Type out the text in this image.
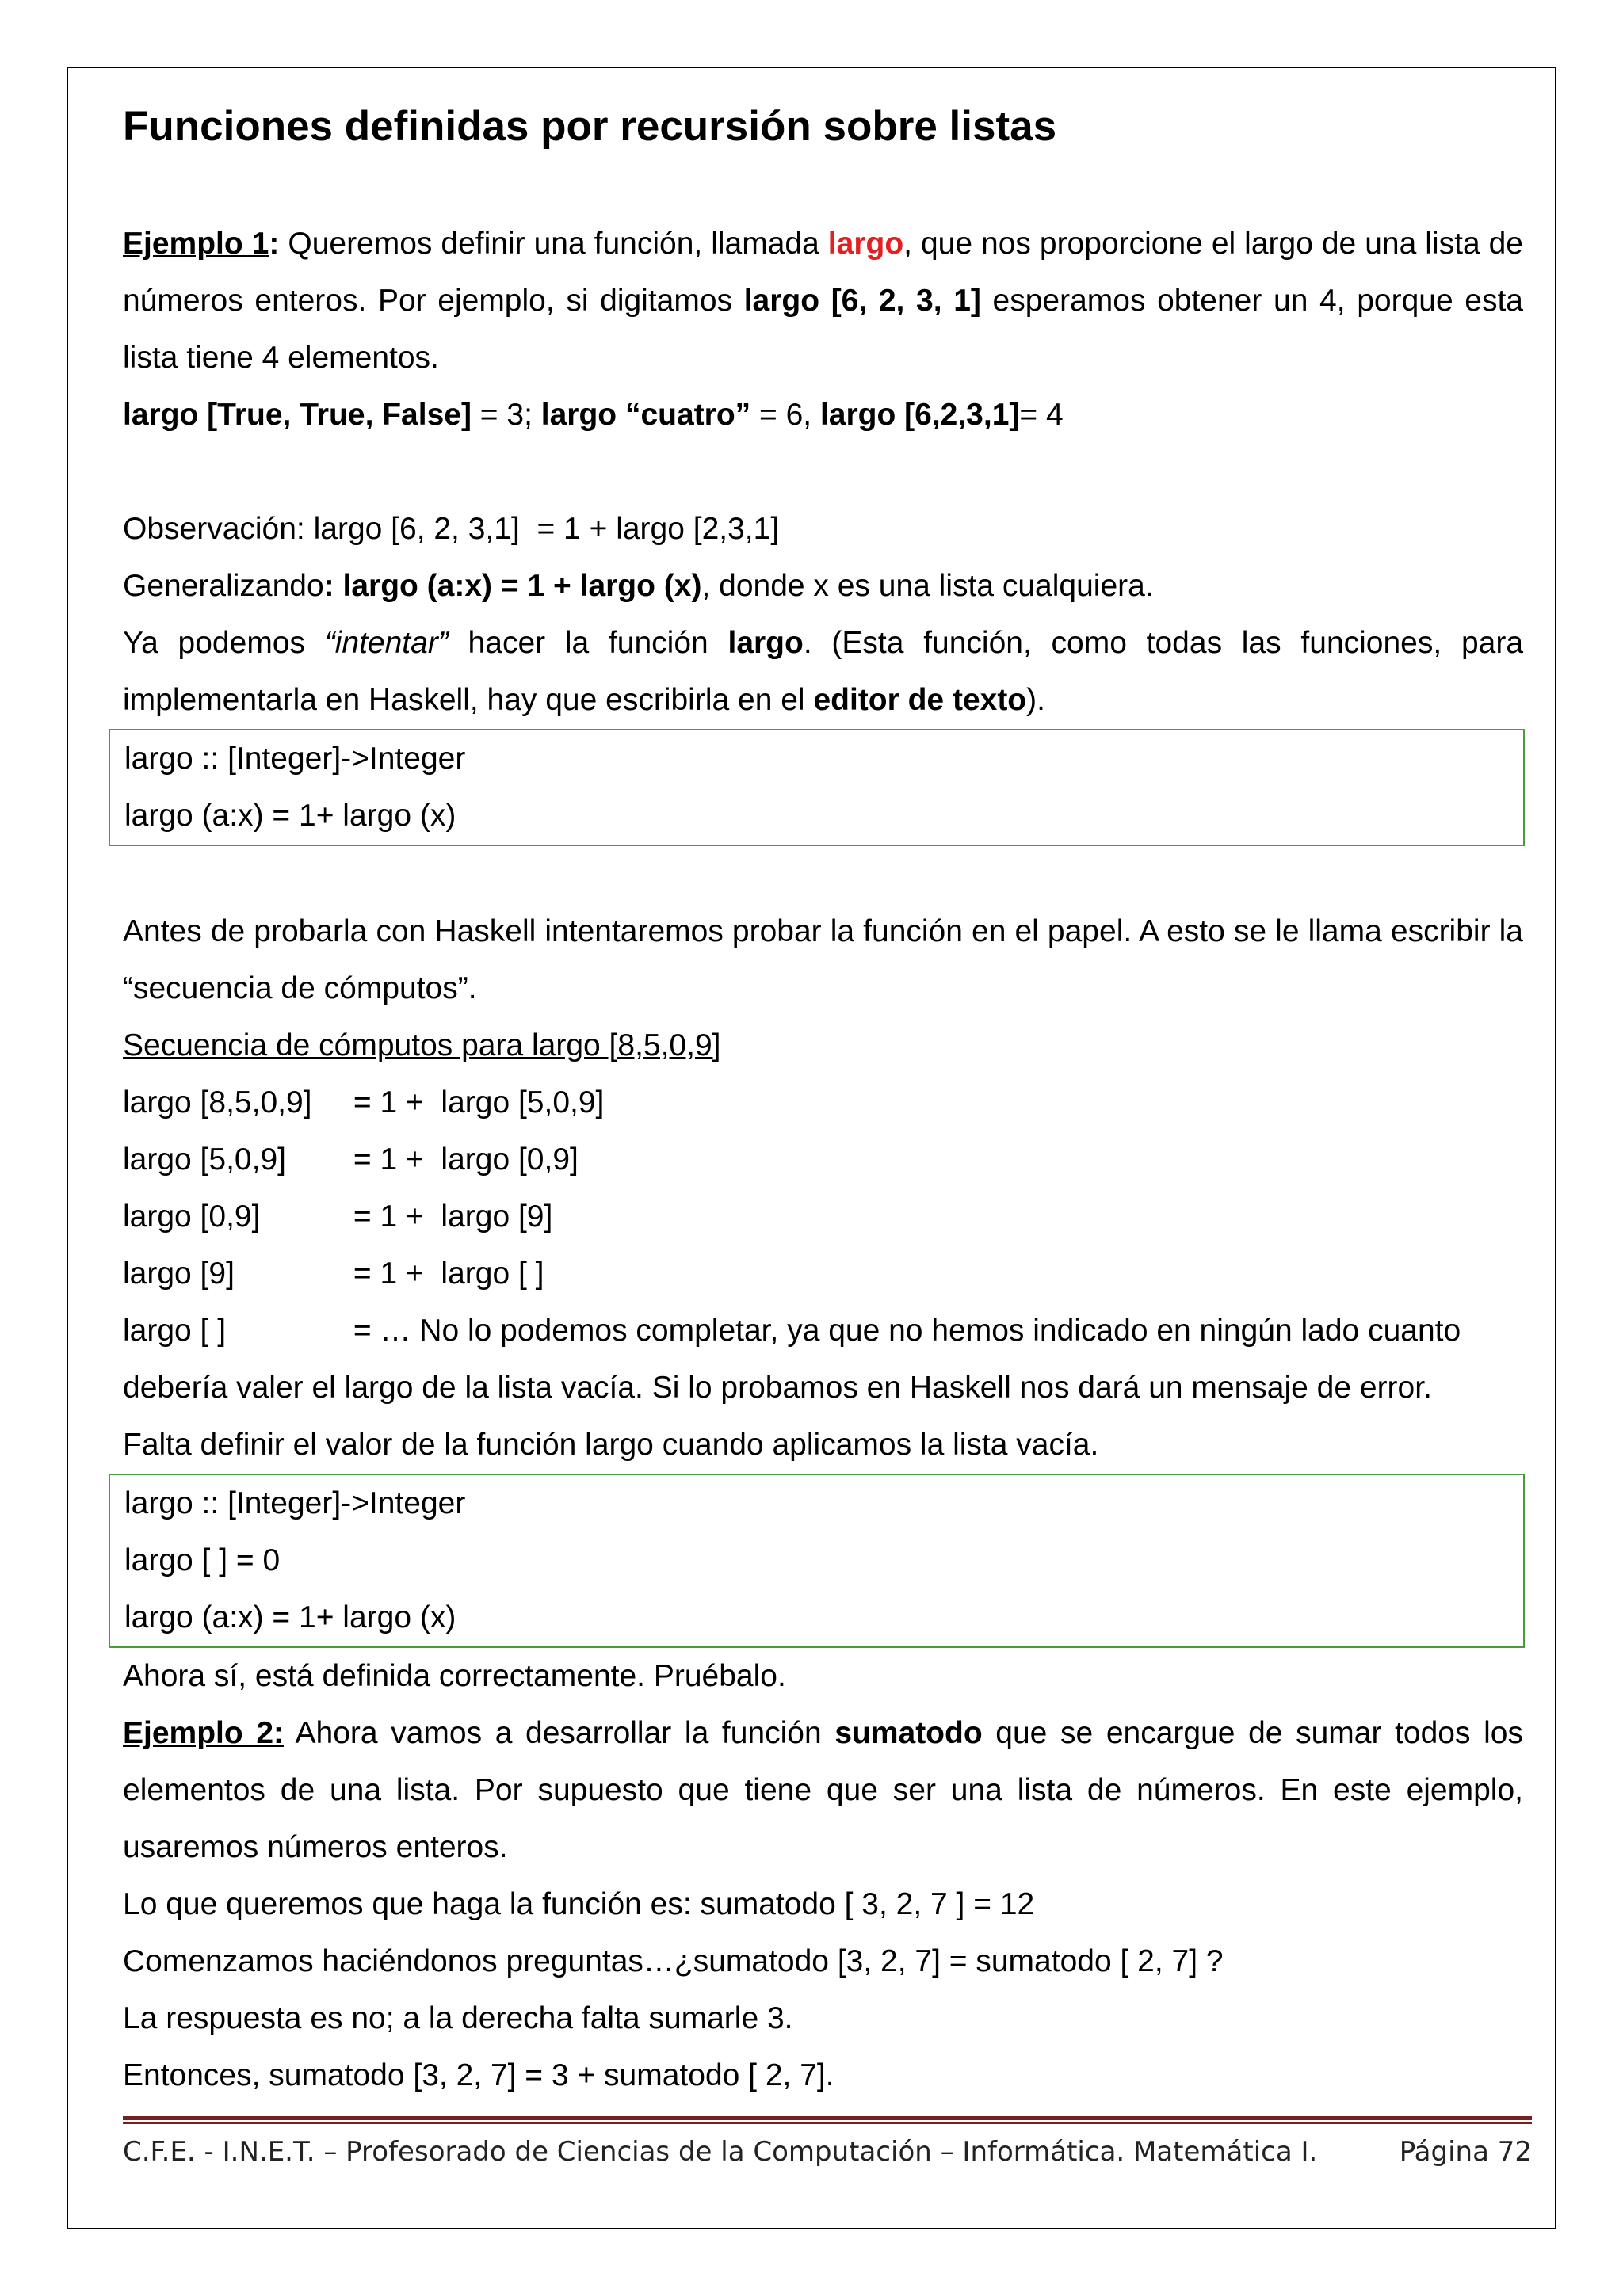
Funciones definidas por recursión sobre listas

Ejemplo 1: Queremos definir una función, llamada largo, que nos proporcione el largo de una lista de números enteros. Por ejemplo, si digitamos largo [6, 2, 3, 1] esperamos obtener un 4, porque esta lista tiene 4 elementos.

largo [True, True, False] = 3; largo “cuatro” = 6, largo [6,2,3,1]= 4

Observación: largo [6, 2, 3,1]  = 1 + largo [2,3,1]

Generalizando: largo (a:x) = 1 + largo (x), donde x es una lista cualquiera.

Ya podemos “intentar” hacer la función largo. (Esta función, como todas las funciones, para implementarla en Haskell, hay que escribirla en el editor de texto).

largo :: [Integer]->Integer

largo (a:x) = 1+ largo (x)

Antes de probarla con Haskell intentaremos probar la función en el papel. A esto se le llama escribir la “secuencia de cómputos”.

Secuencia de cómputos para largo [8,5,0,9]

largo [8,5,0,9]	= 1 +  largo [5,0,9]
largo [5,0,9]	= 1 +  largo [0,9]
largo [0,9]	= 1 +  largo [9]
largo [9]	= 1 +  largo [ ]
largo [ ]	= … No lo podemos completar, ya que no hemos indicado en ningún lado cuanto

debería valer el largo de la lista vacía. Si lo probamos en Haskell nos dará un mensaje de error.

Falta definir el valor de la función largo cuando aplicamos la lista vacía.

largo :: [Integer]->Integer

largo [ ] = 0

largo (a:x) = 1+ largo (x)

Ahora sí, está definida correctamente. Pruébalo.

Ejemplo 2: Ahora vamos a desarrollar la función sumatodo que se encargue de sumar todos los elementos de una lista. Por supuesto que tiene que ser una lista de números. En este ejemplo, usaremos números enteros.

Lo que queremos que haga la función es: sumatodo [ 3, 2, 7 ] = 12

Comenzamos haciéndonos preguntas…¿sumatodo [3, 2, 7] = sumatodo [ 2, 7] ?

La respuesta es no; a la derecha falta sumarle 3.

Entonces, sumatodo [3, 2, 7] = 3 + sumatodo [ 2, 7].

C.F.E. - I.N.E.T. – Profesorado de Ciencias de la Computación – Informática. Matemática I.	Página 72
